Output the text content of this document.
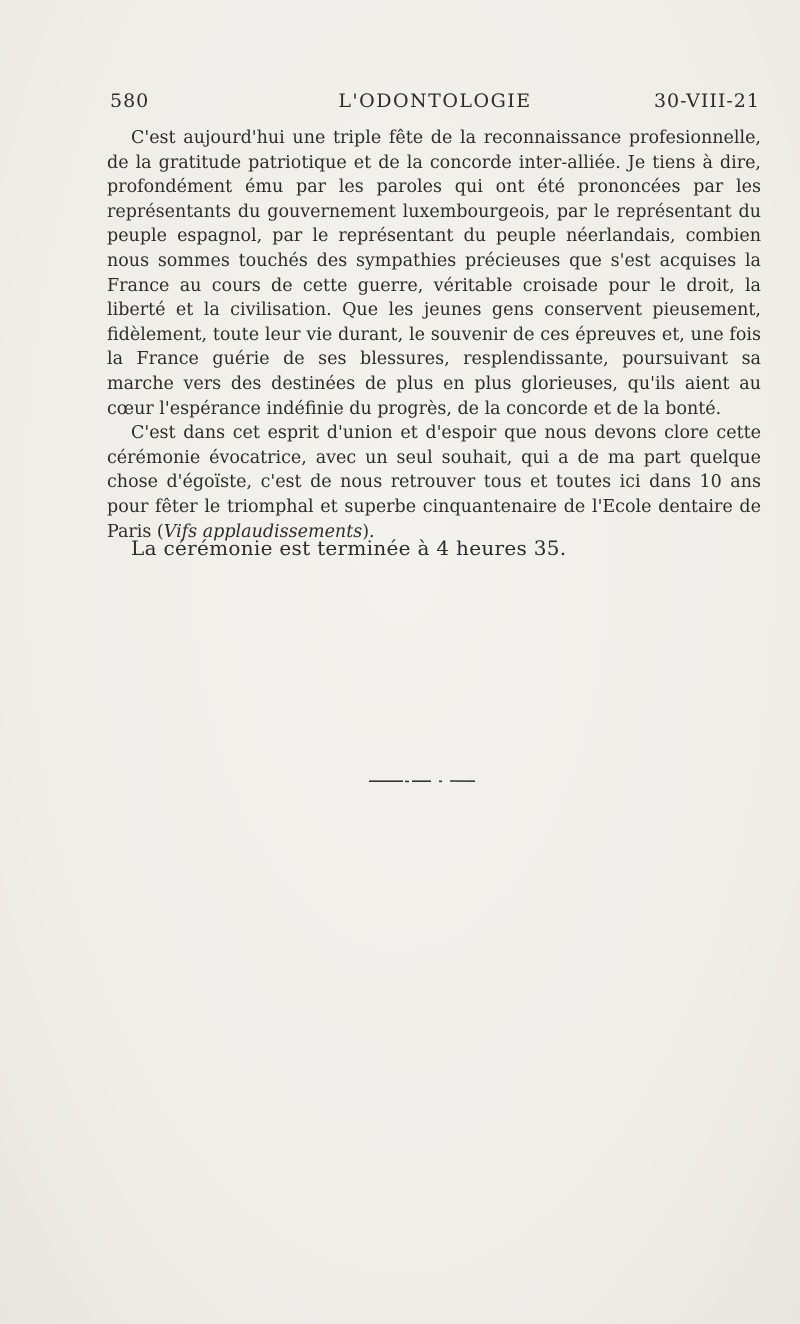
580	L'ODONTOLOGIE	30-VIII-21

C'est aujourd'hui une triple fête de la reconnaissance profesionnelle, de la gratitude patriotique et de la concorde inter-alliée. Je tiens à dire, profondément ému par les paroles qui ont été prononcées par les représentants du gouvernement luxembourgeois, par le représentant du peuple espagnol, par le représentant du peuple néerlandais, combien nous sommes touchés des sympathies précieuses que s'est acquises la France au cours de cette guerre, véritable croisade pour le droit, la liberté et la civilisation. Que les jeunes gens conservent pieusement, fidèlement, toute leur vie durant, le souvenir de ces épreuves et, une fois la France guérie de ses blessures, resplendissante, poursuivant sa marche vers des destinées de plus en plus glorieuses, qu'ils aient au cœur l'espérance indéfinie du progrès, de la concorde et de la bonté.

C'est dans cet esprit d'union et d'espoir que nous devons clore cette cérémonie évocatrice, avec un seul souhait, qui a de ma part quelque chose d'égoïste, c'est de nous retrouver tous et toutes ici dans 10 ans pour fêter le triomphal et superbe cinquantenaire de l'Ecole dentaire de Paris (Vifs applaudissements).

La cérémonie est terminée à 4 heures 35.
